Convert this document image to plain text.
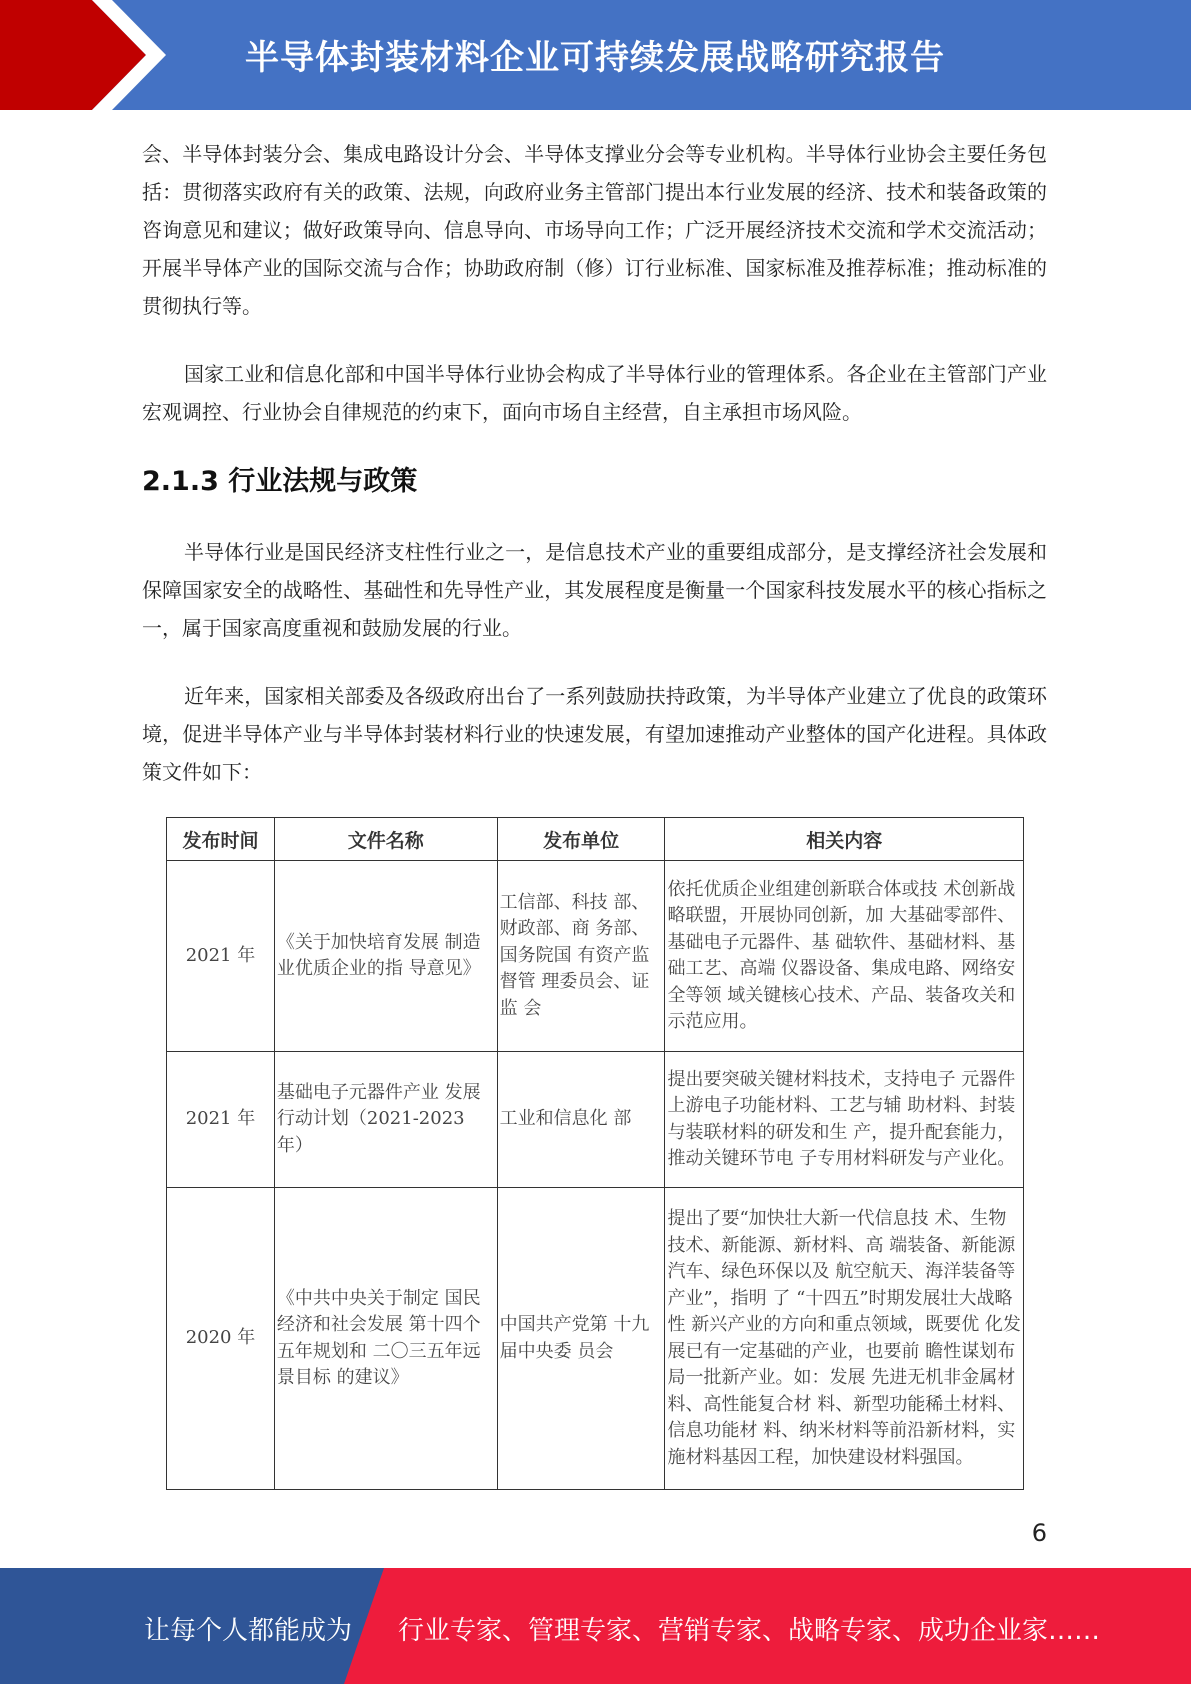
半导体封装材料企业可持续发展战略研究报告

会、半导体封装分会、集成电路设计分会、半导体支撑业分会等专业机构。半导体行业协会主要任务包括：贯彻落实政府有关的政策、法规，向政府业务主管部门提出本行业发展的经济、技术和装备政策的咨询意见和建议；做好政策导向、信息导向、市场导向工作；广泛开展经济技术交流和学术交流活动；开展半导体产业的国际交流与合作；协助政府制（修）订行业标准、国家标准及推荐标准；推动标准的贯彻执行等。

国家工业和信息化部和中国半导体行业协会构成了半导体行业的管理体系。各企业在主管部门产业宏观调控、行业协会自律规范的约束下，面向市场自主经营，自主承担市场风险。

2.1.3 行业法规与政策

半导体行业是国民经济支柱性行业之一，是信息技术产业的重要组成部分，是支撑经济社会发展和保障国家安全的战略性、基础性和先导性产业，其发展程度是衡量一个国家科技发展水平的核心指标之一，属于国家高度重视和鼓励发展的行业。

近年来，国家相关部委及各级政府出台了一系列鼓励扶持政策，为半导体产业建立了优良的政策环境，促进半导体产业与半导体封装材料行业的快速发展，有望加速推动产业整体的国产化进程。具体政策文件如下：

发布时间	文件名称	发布单位	相关内容
2021 年	《关于加快培育发展 制造业优质企业的指 导意见》	工信部、科技 部、财政部、商 务部、国务院国 有资产监督管 理委员会、证监 会	依托优质企业组建创新联合体或技 术创新战略联盟，开展协同创新，加 大基础零部件、基础电子元器件、基 础软件、基础材料、基础工艺、高端 仪器设备、集成电路、网络安全等领 域关键核心技术、产品、装备攻关和 示范应用。
2021 年	基础电子元器件产业 发展行动计划（2021-2023 年）	工业和信息化 部	提出要突破关键材料技术，支持电子 元器件上游电子功能材料、工艺与辅 助材料、封装与装联材料的研发和生 产，提升配套能力，推动关键环节电 子专用材料研发与产业化。
2020 年	《中共中央关于制定 国民经济和社会发展 第十四个五年规划和 二〇三五年远景目标 的建议》	中国共产党第 十九届中央委 员会	提出了要“加快壮大新一代信息技 术、生物技术、新能源、新材料、高 端装备、新能源汽车、绿色环保以及 航空航天、海洋装备等产业”，指明 了 “十四五”时期发展壮大战略性 新兴产业的方向和重点领域，既要优 化发展已有一定基础的产业，也要前 瞻性谋划布局一批新产业。如：发展 先进无机非金属材料、高性能复合材 料、新型功能稀土材料、信息功能材 料、纳米材料等前沿新材料，实施材料基因工程，加快建设材料强国。
6
让每个人都能成为 行业专家、管理专家、营销专家、战略专家、成功企业家……
